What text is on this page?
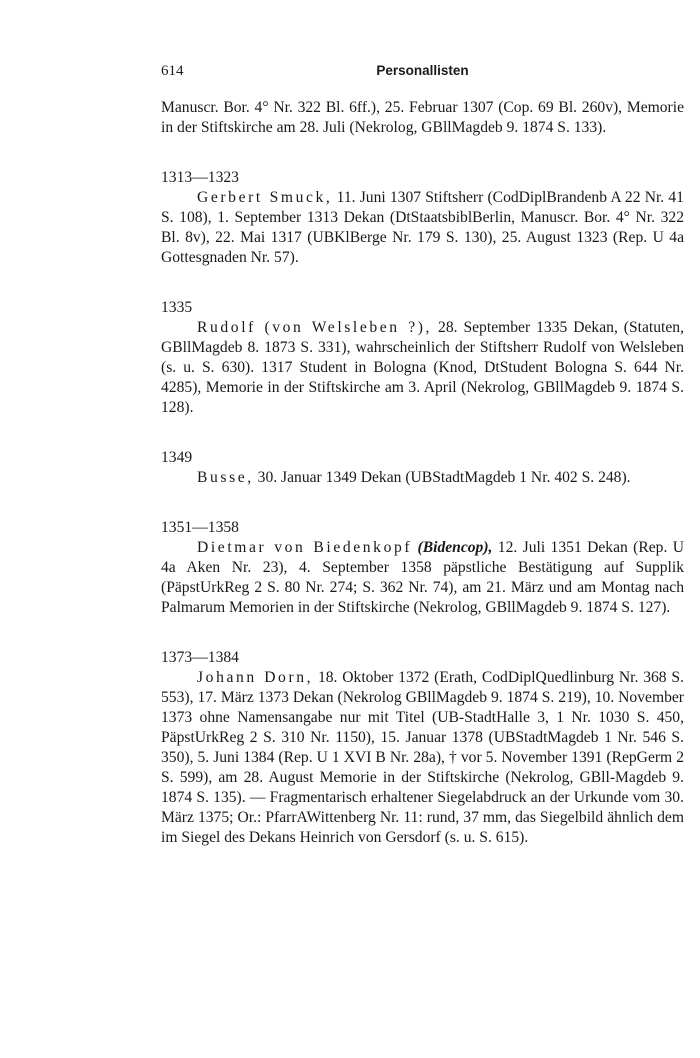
614	Personallisten

Manuscr. Bor. 4° Nr. 322 Bl. 6ff.), 25. Februar 1307 (Cop. 69 Bl. 260v), Memorie in der Stiftskirche am 28. Juli (Nekrolog, GBllMagdeb 9. 1874 S. 133).

1313—1323

Gerbert Smuck, 11. Juni 1307 Stiftsherr (CodDiplBrandenb A 22 Nr. 41 S. 108), 1. September 1313 Dekan (DtStaatsbiblBerlin, Manuscr. Bor. 4° Nr. 322 Bl. 8v), 22. Mai 1317 (UBKlBerge Nr. 179 S. 130), 25. August 1323 (Rep. U 4a Gottesgnaden Nr. 57).

1335

Rudolf (von Welsleben ?), 28. September 1335 Dekan, (Statuten, GBllMagdeb 8. 1873 S. 331), wahrscheinlich der Stiftsherr Rudolf von Welsleben (s. u. S. 630). 1317 Student in Bologna (Knod, DtStudent Bologna S. 644 Nr. 4285), Memorie in der Stiftskirche am 3. April (Nekrolog, GBllMagdeb 9. 1874 S. 128).

1349

Busse, 30. Januar 1349 Dekan (UBStadtMagdeb 1 Nr. 402 S. 248).

1351—1358

Dietmar von Biedenkopf (Bidencop), 12. Juli 1351 Dekan (Rep. U 4a Aken Nr. 23), 4. September 1358 päpstliche Bestätigung auf Supplik (PäpstUrkReg 2 S. 80 Nr. 274; S. 362 Nr. 74), am 21. März und am Montag nach Palmarum Memorien in der Stiftskirche (Nekrolog, GBllMagdeb 9. 1874 S. 127).

1373—1384

Johann Dorn, 18. Oktober 1372 (Erath, CodDiplQuedlinburg Nr. 368 S. 553), 17. März 1373 Dekan (Nekrolog GBllMagdeb 9. 1874 S. 219), 10. November 1373 ohne Namensangabe nur mit Titel (UB-StadtHalle 3, 1 Nr. 1030 S. 450, PäpstUrkReg 2 S. 310 Nr. 1150), 15. Januar 1378 (UBStadtMagdeb 1 Nr. 546 S. 350), 5. Juni 1384 (Rep. U 1 XVI B Nr. 28a), † vor 5. November 1391 (RepGerm 2 S. 599), am 28. August Memorie in der Stiftskirche (Nekrolog, GBll-Magdeb 9. 1874 S. 135). — Fragmentarisch erhaltener Siegelabdruck an der Urkunde vom 30. März 1375; Or.: PfarrAWittenberg Nr. 11: rund, 37 mm, das Siegelbild ähnlich dem im Siegel des Dekans Heinrich von Gersdorf (s. u. S. 615).
